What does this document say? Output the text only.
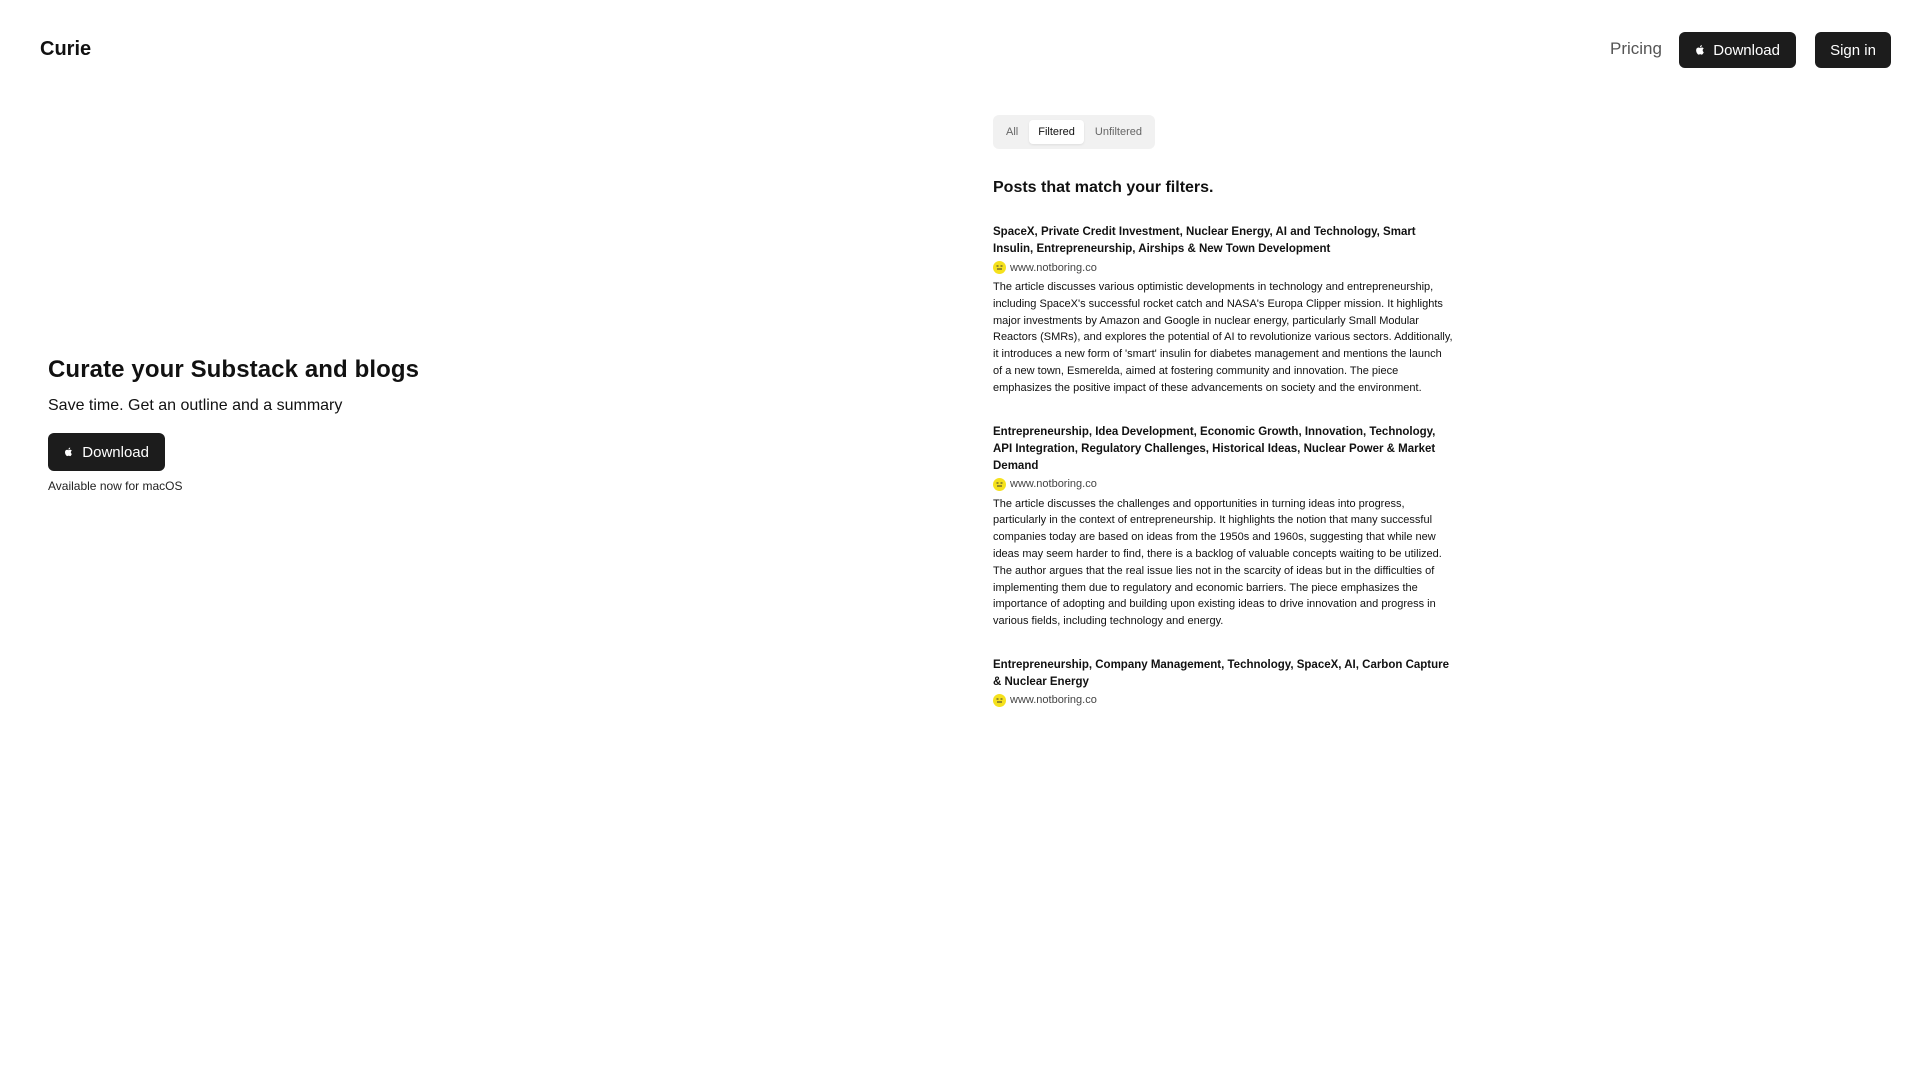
Curie	Pricing	Download	Sign in
Curate your Substack and blogs

Save time. Get an outline and a summary

Download

Available now for macOS

All	Filtered	Unfiltered
Posts that match your filters.
SpaceX, Private Credit Investment, Nuclear Energy, AI and Technology, Smart Insulin, Entrepreneurship, Airships & New Town Development
www.notboring.co

The article discusses various optimistic developments in technology and entrepreneurship, including SpaceX's successful rocket catch and NASA's Europa Clipper mission. It highlights major investments by Amazon and Google in nuclear energy, particularly Small Modular Reactors (SMRs), and explores the potential of AI to revolutionize various sectors. Additionally, it introduces a new form of 'smart' insulin for diabetes management and mentions the launch of a new town, Esmerelda, aimed at fostering community and innovation. The piece emphasizes the positive impact of these advancements on society and the environment.

Entrepreneurship, Idea Development, Economic Growth, Innovation, Technology, API Integration, Regulatory Challenges, Historical Ideas, Nuclear Power & Market Demand
www.notboring.co

The article discusses the challenges and opportunities in turning ideas into progress, particularly in the context of entrepreneurship. It highlights the notion that many successful companies today are based on ideas from the 1950s and 1960s, suggesting that while new ideas may seem harder to find, there is a backlog of valuable concepts waiting to be utilized. The author argues that the real issue lies not in the scarcity of ideas but in the difficulties of implementing them due to regulatory and economic barriers. The piece emphasizes the importance of adopting and building upon existing ideas to drive innovation and progress in various fields, including technology and energy.

Entrepreneurship, Company Management, Technology, SpaceX, AI, Carbon Capture & Nuclear Energy
www.notboring.co
